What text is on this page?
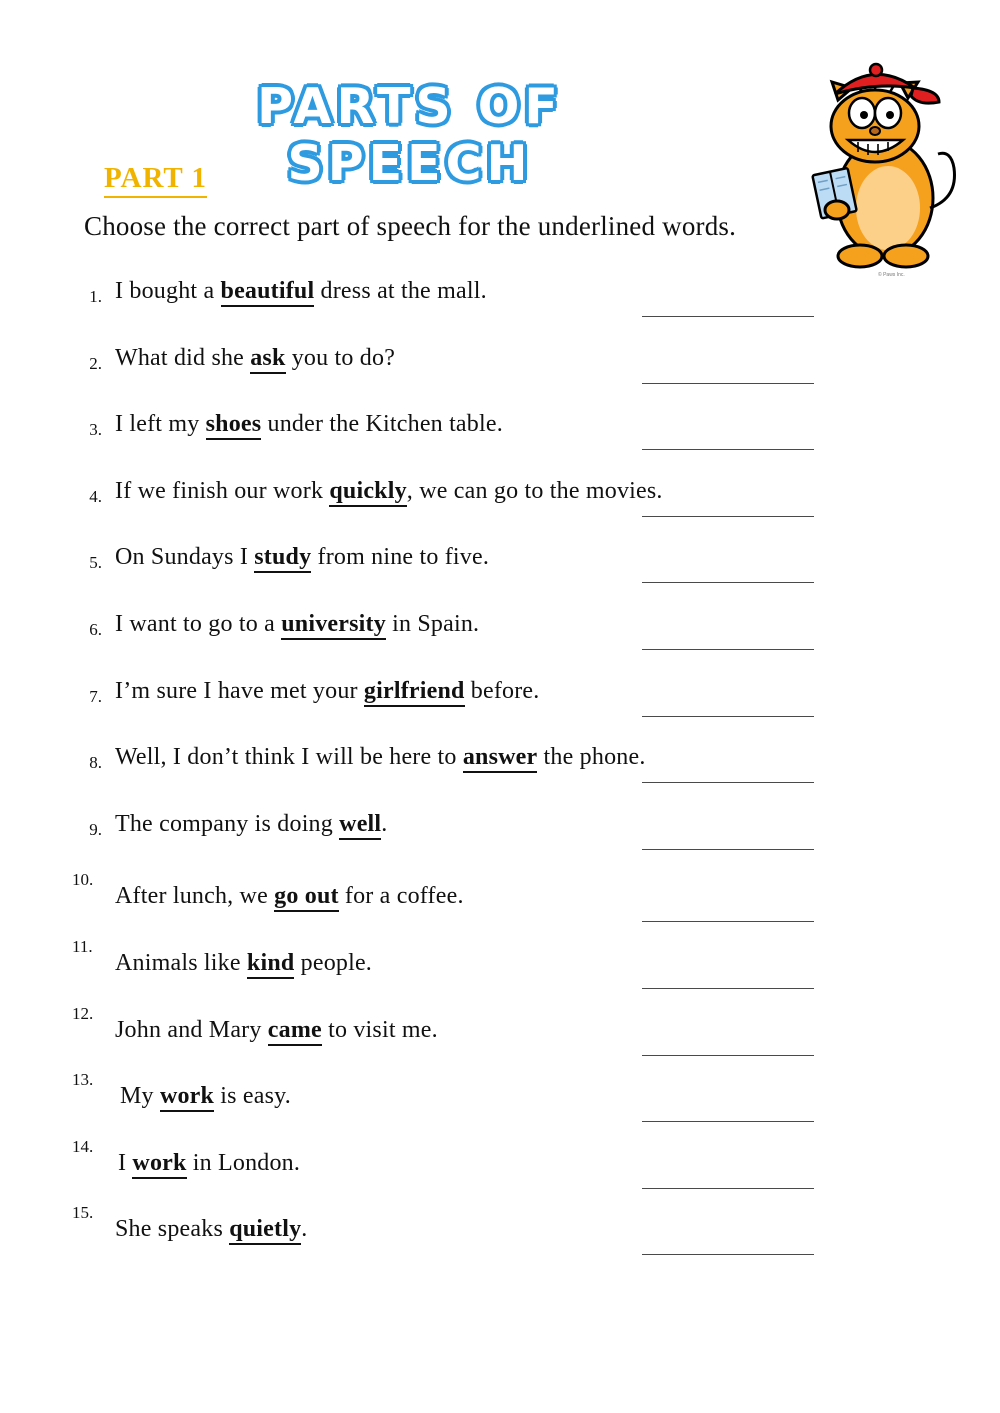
PARTS OF SPEECH
PART 1
Choose the correct part of speech for the underlined words.
© Paws Inc.
1. I bought a beautiful dress at the mall.
2. What did she ask you to do?
3. I left my shoes under the Kitchen table.
4. If we finish our work quickly, we can go to the movies.
5. On Sundays I study from nine to five.
6. I want to go to a university in Spain.
7. I’m sure I have met your girlfriend before.
8. Well, I don’t think I will be here to answer the phone.
9. The company is doing well.
10.
After lunch, we go out for a coffee.
11.
Animals like kind people.
12.
John and Mary came to visit me.
13.
My work is easy.
14.
I work in London.
15.
She speaks quietly.
